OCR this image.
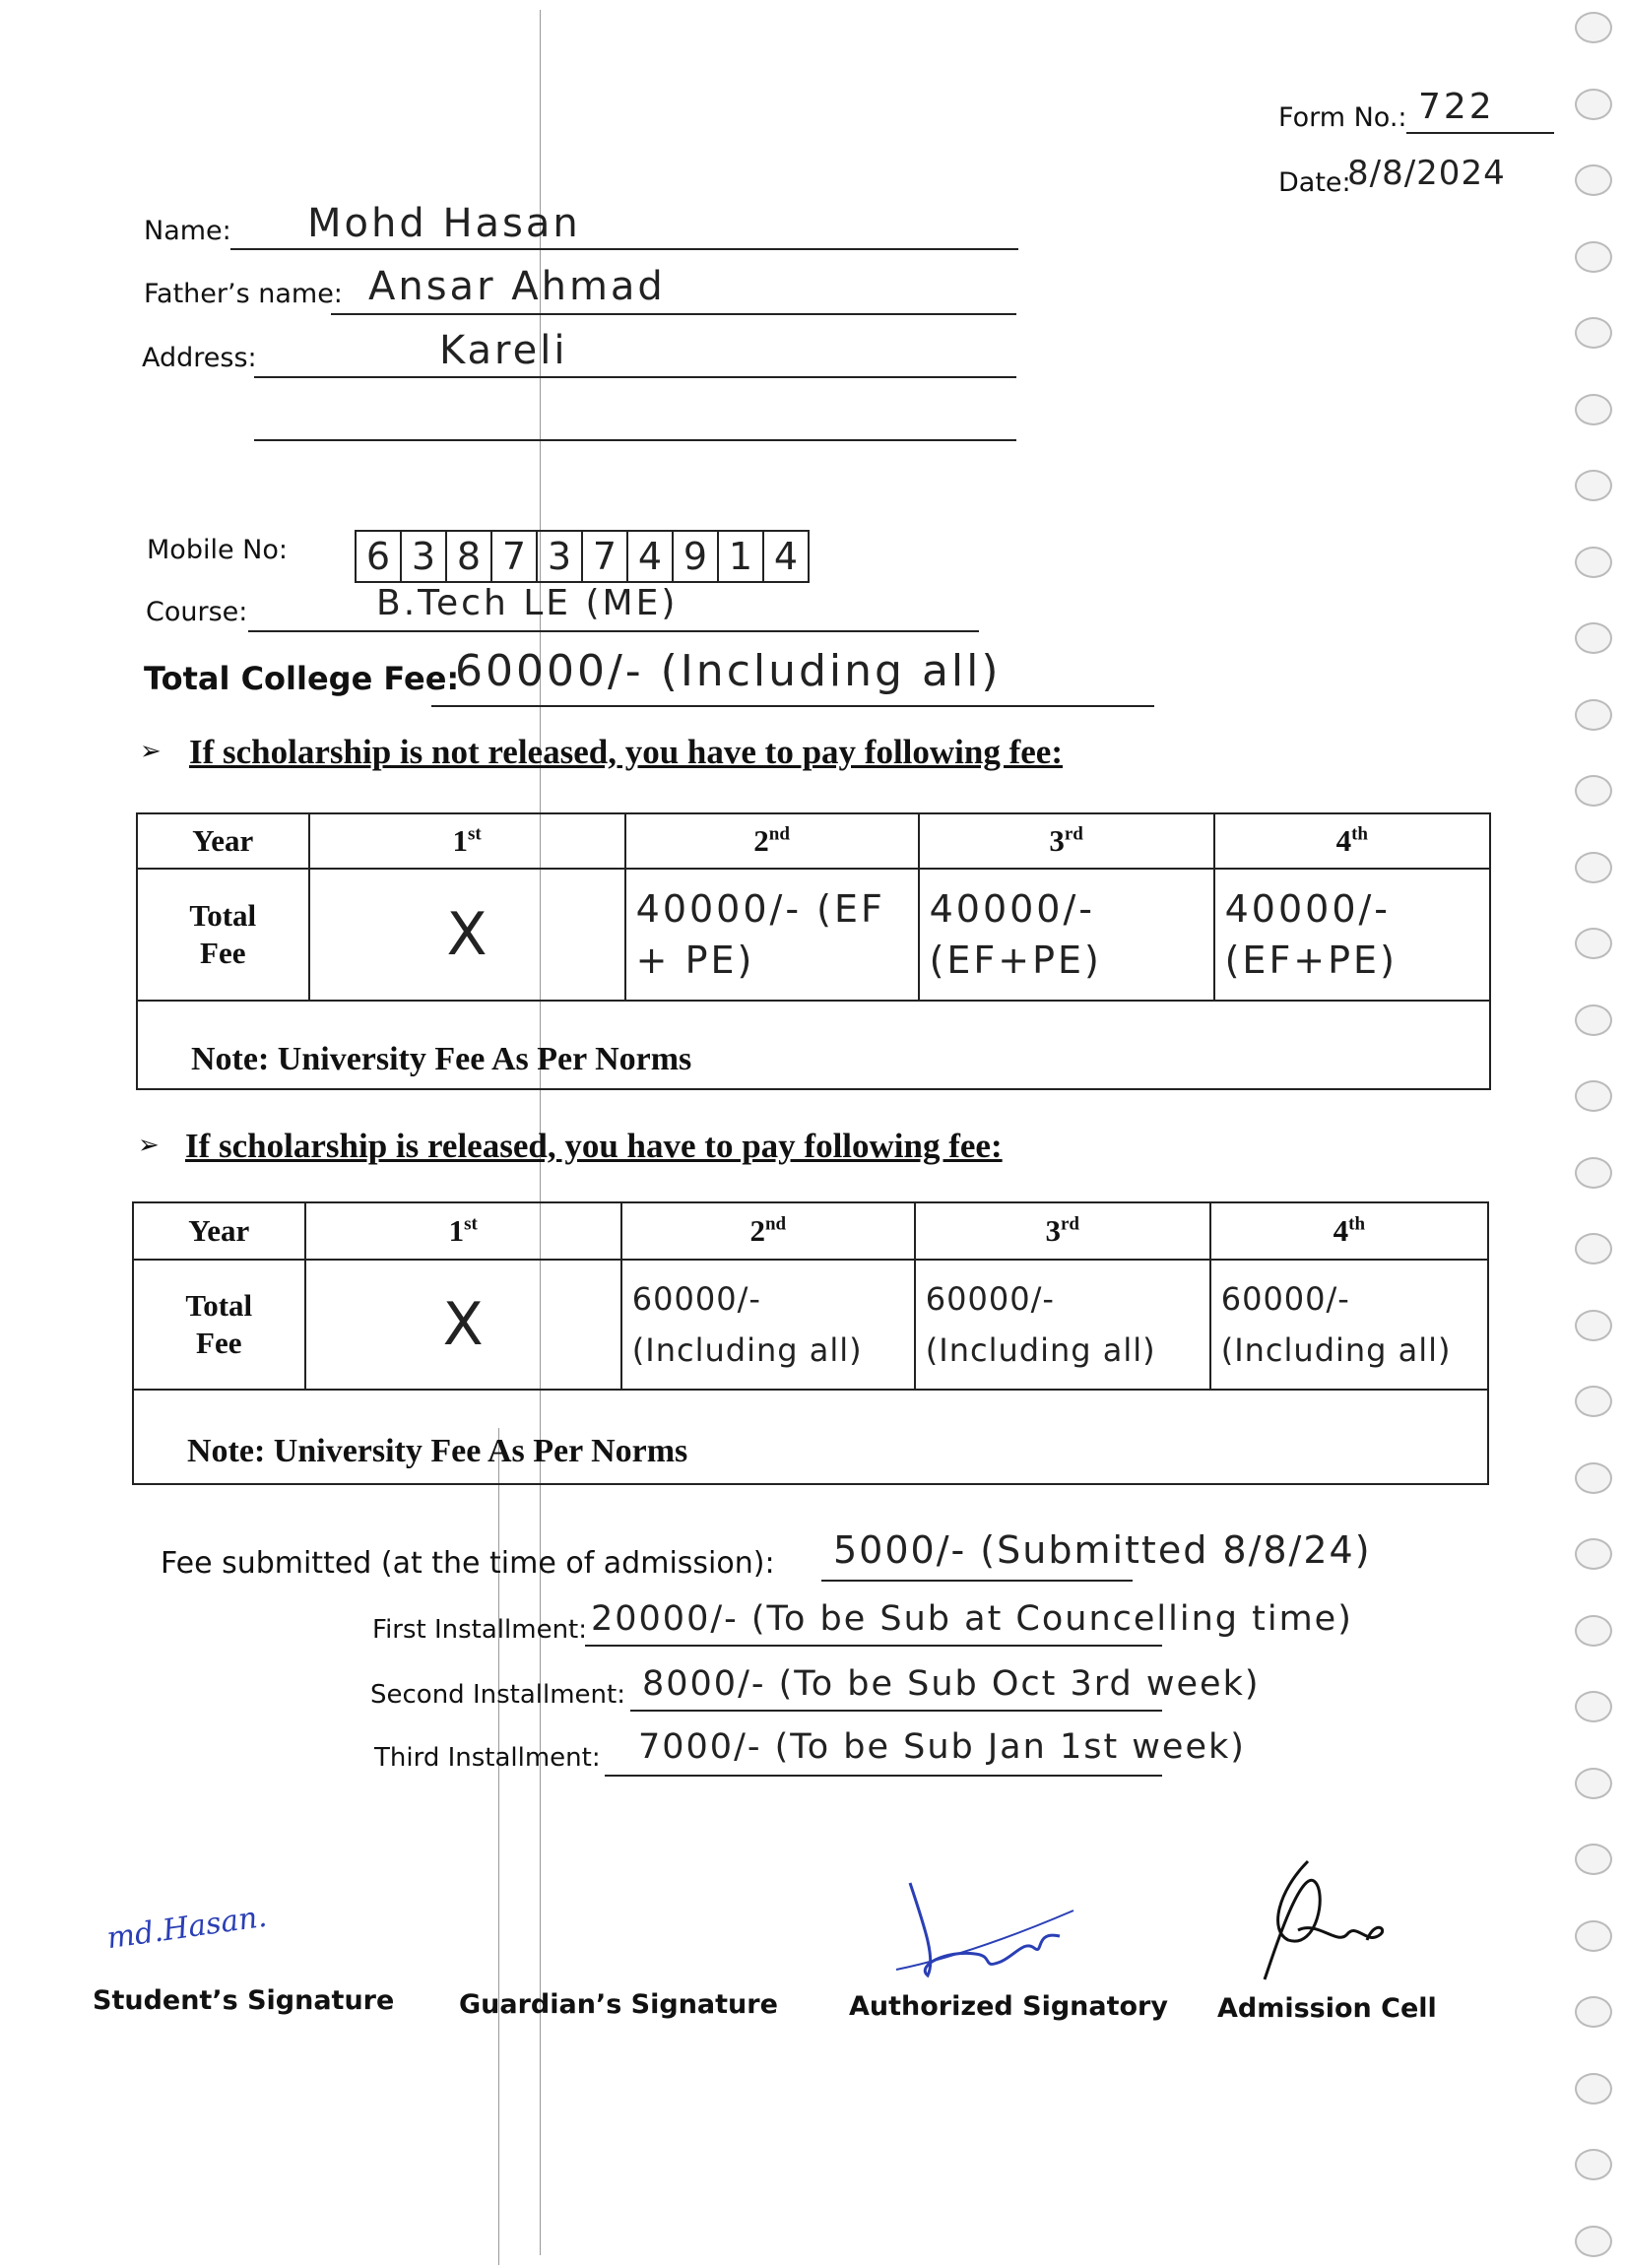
Form No.: 722
Date:
8/8/2024
Name: Mohd Hasan
Father’s name: Ansar Ahmad
Address:	Kareli
Mobile No: 6 3 8 7 3 7 4 9 1 4
Course:	B.Tech LE (ME)
Total College Fee:
60000/- (Including all)
➢ If scholarship is not released, you have to pay following fee:
Year	1st	2nd	3rd	4th
Total Fee	X	40000/- (EF + PE)	40000/- (EF+PE)	40000/- (EF+PE)
Note: University Fee As Per Norms				
➢ If scholarship is released, you have to pay following fee:
Year	1st	2nd	3rd	4th
Total Fee	X	60000/- (Including all)	60000/- (Including all)	60000/- (Including all)
Note: University Fee As Per Norms				
Fee submitted (at the time of admission): 5000/- (Submitted 8/8/24)
First Installment: 20000/- (To be Sub at Councelling time)
Second Installment: 8000/- (To be Sub Oct 3rd week)
Third Installment: 7000/- (To be Sub Jan 1st week)
md.Hasan.
Student’s Signature Guardian’s Signature	Authorized Signatory Admission Cell
